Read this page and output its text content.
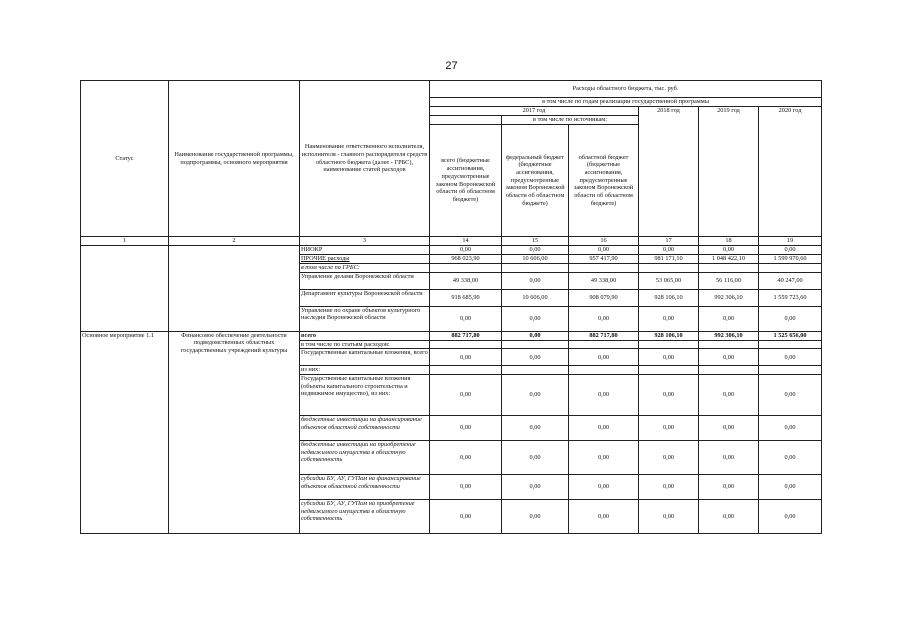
27
Статус	Наименование государственной программы, подпрограммы, основного мероприятия	Наименование ответственного исполнителя, исполнителя - главного распорядителя средств областного бюджета (далее - ГРБС), наименование статей расходов	Расходы областного бюджета, тыс. руб.					
			в том числе по годам реализации государственной программы					
			2017 год			2018 год	2019 год	2020 год
				в том числе по источникам:				
			всего (бюджетные ассигнования, предусмотренные законом Воронежской области об областном бюджете)	федеральный бюджет (бюджетные ассигнования, предусмотренные законом Воронежской области об областном бюджете)	областной бюджет (бюджетные ассигнования, предусмотренные законом Воронежской области об областном бюджете)			
1	2	3	14	15	16	17	18	19
		НИОКР	0,00	0,00	0,00	0,00	0,00	0,00
		ПРОЧИЕ расходы	968 023,90	10 606,00	957 417,90	981 171,10	1 048 422,10	1 599 970,60
		в том числе по ГРБС:						
		Управление делами Воронежской области	49 338,00	0,00	49 338,00	53 065,00	56 116,00	40 247,00
		Департамент культуры Воронежской области	918 685,90	10 606,00	908 079,90	928 106,10	992 306,10	1 559 723,60
		Управление по охране объектов культурного наследия Воронежской области	0,00	0,00	0,00	0,00	0,00	0,00
Основное мероприятие 1.1	Финансовое обеспечение деятельности подведомственных областных государственных учреждений культуры	всего	882 717,80	0,00	882 717,80	928 106,10	992 306,10	1 525 656,00
		в том числе по статьям расходов:						
		Государственные капитальные вложения, всего	0,00	0,00	0,00	0,00	0,00	0,00
		из них:						
		Государственные капитальные вложения (объекты капитального строительства и недвижимое имущество), из них:	0,00	0,00	0,00	0,00	0,00	0,00
		бюджетные инвестиции на финансирование объектов областной собственности	0,00	0,00	0,00	0,00	0,00	0,00
		бюджетные инвестиции на приобретение недвижимого имущества в областную собственность	0,00	0,00	0,00	0,00	0,00	0,00
		субсидии БУ, АУ, ГУПам на финансирование объектов областной собственности	0,00	0,00	0,00	0,00	0,00	0,00
		субсидии БУ, АУ, ГУПам на приобретение недвижимого имущества в областную собственность	0,00	0,00	0,00	0,00	0,00	0,00
